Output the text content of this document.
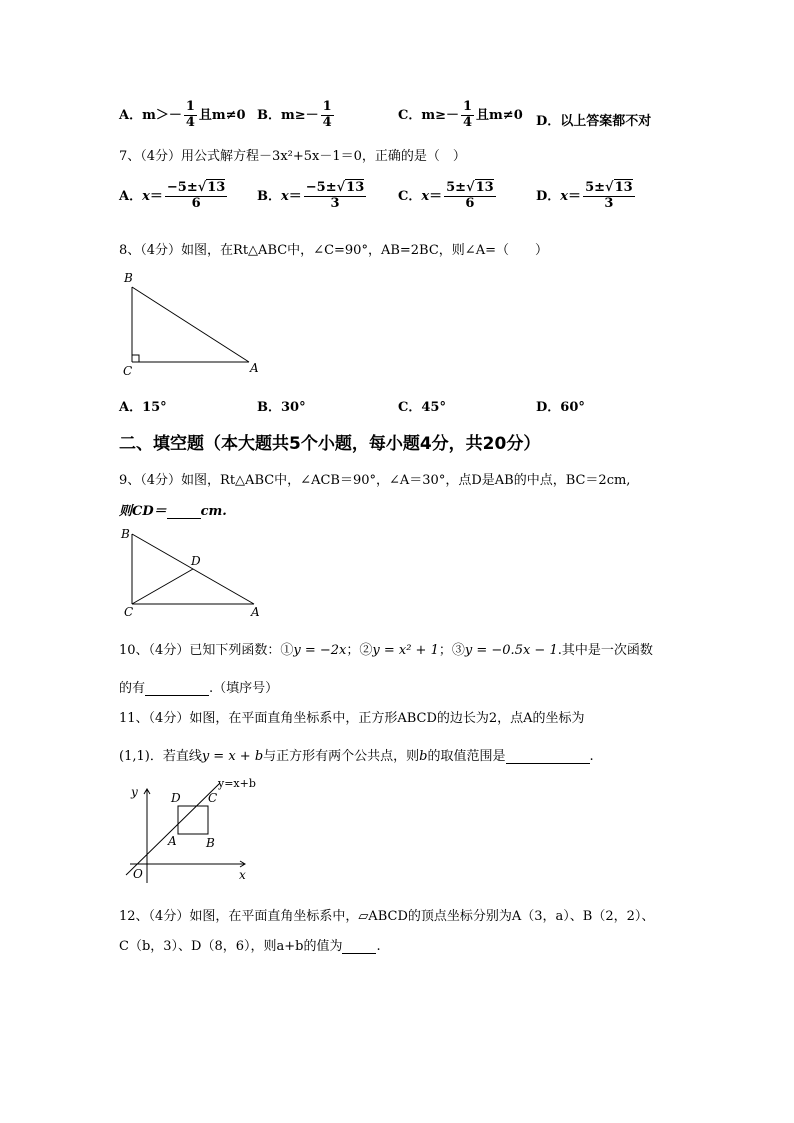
A．$m>- \frac{1}{4}$ 且m≠0 B．$m\ge- \frac{1}{4}$	C．$m\ge- \frac{1}{4}$ 且m≠0 D．以上答案都不对
7、（4分）用公式解方程－3x²+5x－1＝0，正确的是（　）
A．$x= \frac{-5\pm√13}{6}$ B．$x= \frac{-5\pm√13}{3}$ C．$x= \frac{5\pm√13}{6}$	D．$x= \frac{5\pm√13}{3}$
8、（4分）如图，在Rt△ABC中，∠C=90°，AB=2BC，则∠A=（　　）
B
C	A
A．15°	B．30°	C．45°	D．60°
二、填空题（本大题共5个小题，每小题4分，共20分）
9、（4分）如图，Rt△ABC中，∠ACB＝90°，∠A＝30°，点D是AB的中点，BC＝2cm,
则CD＝	cm.
B
D
C	A
10、（4分）已知下列函数：①y = −2x；②y = x² + 1；③y = −0.5x − 1.其中是一次函数
的有	.（填序号）
11、（4分）如图，在平面直角坐标系中，正方形ABCD的边长为2，点A的坐标为
(1,1)．若直线y = x + b与正方形有两个公共点，则b的取值范围是	.
y
y=x+b
D C
A B
O	x
12、（4分）如图，在平面直角坐标系中，▱ABCD的顶点坐标分别为A（3，a）、B（2，2）、
C（b，3）、D（8，6），则a+b的值为	.
